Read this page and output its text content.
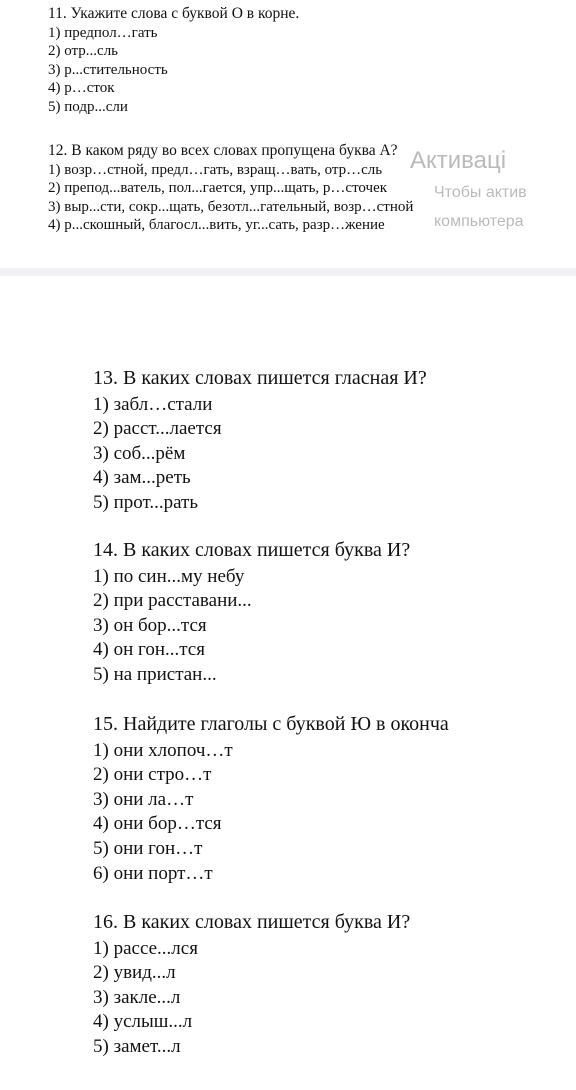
11. Укажите слова с буквой О в корне.
1) предпол…гать
2) отр...сль
3) р...стительность
4) р…сток
5) подр...сли
12. В каком ряду во всех словах пропущена буква А?
1) возр…стной, предл…гать, взращ…вать, отр…сль
2) препод...ватель, пол...гается, упр...щать, р…сточек
3) выр...сти, сокр...щать, безотл...гательный, возр…стной
4) р...скошный, благосл...вить, уг...сать, разр…жение
Активаці
Чтобы актив
компьютера
13. В каких словах пишется гласная И?
1) забл…стали
2) расст...лается
3) соб...рём
4) зам...реть
5) прот...рать
14. В каких словах пишется буква И?
1) по син...му небу
2) при расставани...
3) он бор...тся
4) он гон...тся
5) на пристан...
15. Найдите глаголы с буквой Ю в оконча
1) они хлопоч…т
2) они стро…т
3) они ла…т
4) они бор…тся
5) они гон…т
6) они порт…т
16. В каких словах пишется буква И?
1) рассе...лся
2) увид...л
3) закле...л
4) услыш...л
5) замет...л
